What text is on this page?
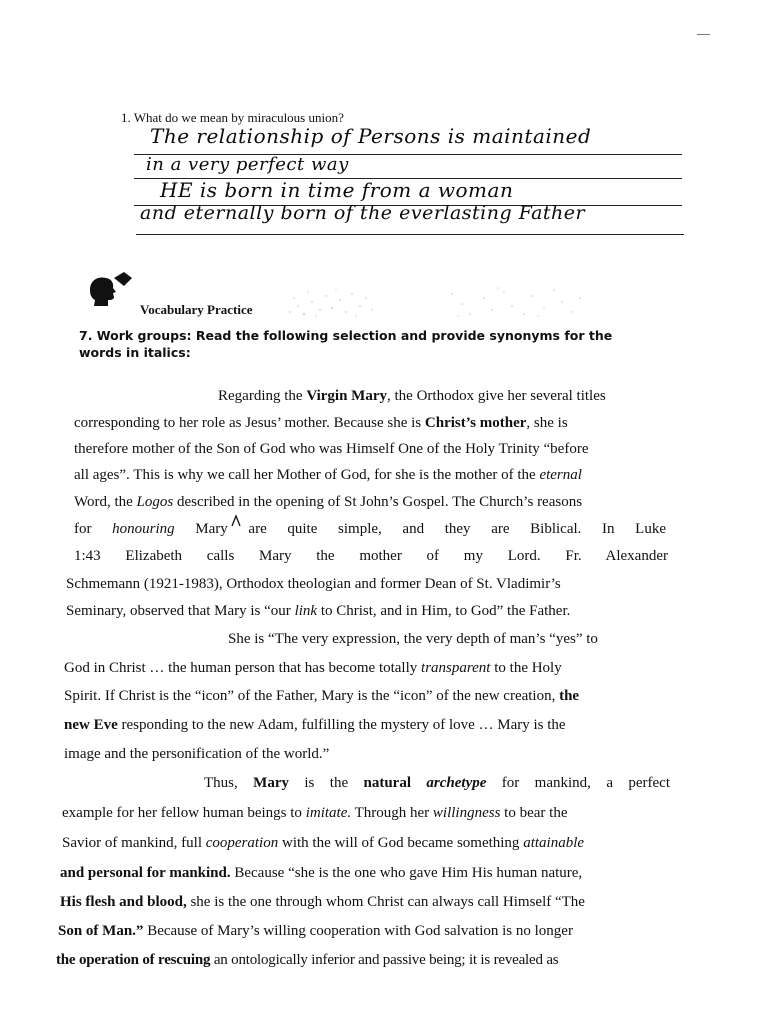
1. What do we mean by miraculous union?
The relationship of Persons is maintained
in a very perfect way
HE is born in time from a woman
and eternally born of the everlasting Father
Vocabulary Practice
7. Work groups: Read the following selection and provide synonyms for the words in italics:
Regarding the Virgin Mary, the Orthodox give her several titles
corresponding to her role as Jesus’ mother. Because she is Christ’s mother, she is
therefore mother of the Son of God who was Himself One of the Holy Trinity “before
all ages”. This is why we call her Mother of God, for she is the mother of the eternal
Word, the Logos described in the opening of St John’s Gospel. The Church’s reasons
for honouring Mary are quite simple, and they are Biblical. In Luke
1:43 Elizabeth calls Mary the mother of my Lord. Fr. Alexander
Schmemann (1921-1983), Orthodox theologian and former Dean of St. Vladimir’s
Seminary, observed that Mary is “our link to Christ, and in Him, to God” the Father.
She is “The very expression, the very depth of man’s “yes” to
God in Christ … the human person that has become totally transparent to the Holy
Spirit. If Christ is the “icon” of the Father, Mary is the “icon” of the new creation, the
new Eve responding to the new Adam, fulfilling the mystery of love … Mary is the
image and the personification of the world.”
Thus, Mary is the natural archetype for mankind, a perfect
example for her fellow human beings to imitate. Through her willingness to bear the
Savior of mankind, full cooperation with the will of God became something attainable
and personal for mankind. Because “she is the one who gave Him His human nature,
His flesh and blood, she is the one through whom Christ can always call Himself “The
Son of Man.” Because of Mary’s willing cooperation with God salvation is no longer
the operation of rescuing an ontologically inferior and passive being; it is revealed as
